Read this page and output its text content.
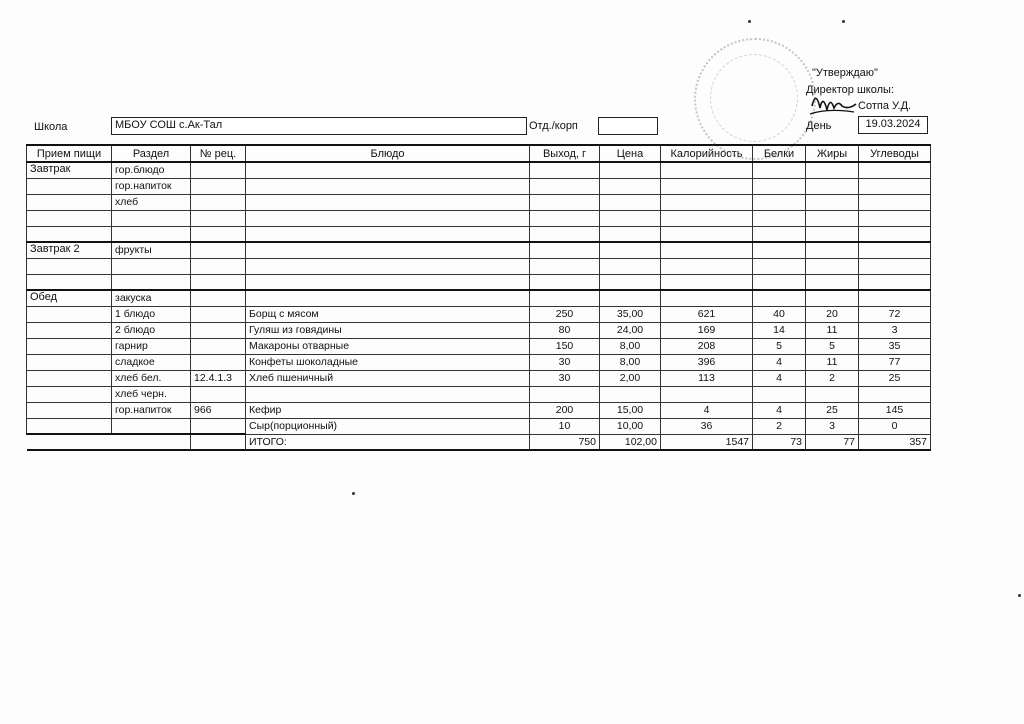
"Утверждаю"
Директор школы:
Сотпа У.Д.
День	19.03.2024
Школа	МБОУ СОШ с.Ак-Тал	Отд./корп
Прием пищи	Раздел	№ рец.	Блюдо	Выход, г	Цена	Калорийность	Белки	Жиры	Углеводы
Завтрак	гор.блюдо								
	гор.напиток								
	хлеб								

Завтрак 2	фрукты								

Обед	закуска								
	1 блюдо		Борщ с мясом	250	35,00	621	40	20	72
	2 блюдо		Гуляш из говядины	80	24,00	169	14	11	3
	гарнир		Макароны отварные	150	8,00	208	5	5	35
	сладкое		Конфеты шоколадные	30	8,00	396	4	11	77
	хлеб бел.	12.4.1.3	Хлеб пшеничный	30	2,00	113	4	2	25
	хлеб черн.								
	гор.напиток	966	Кефир	200	15,00	4	4	25	145
			Сыр(порционный)	10	10,00	36	2	3	0
			ИТОГО:	750	102,00	1547	73	77	357
